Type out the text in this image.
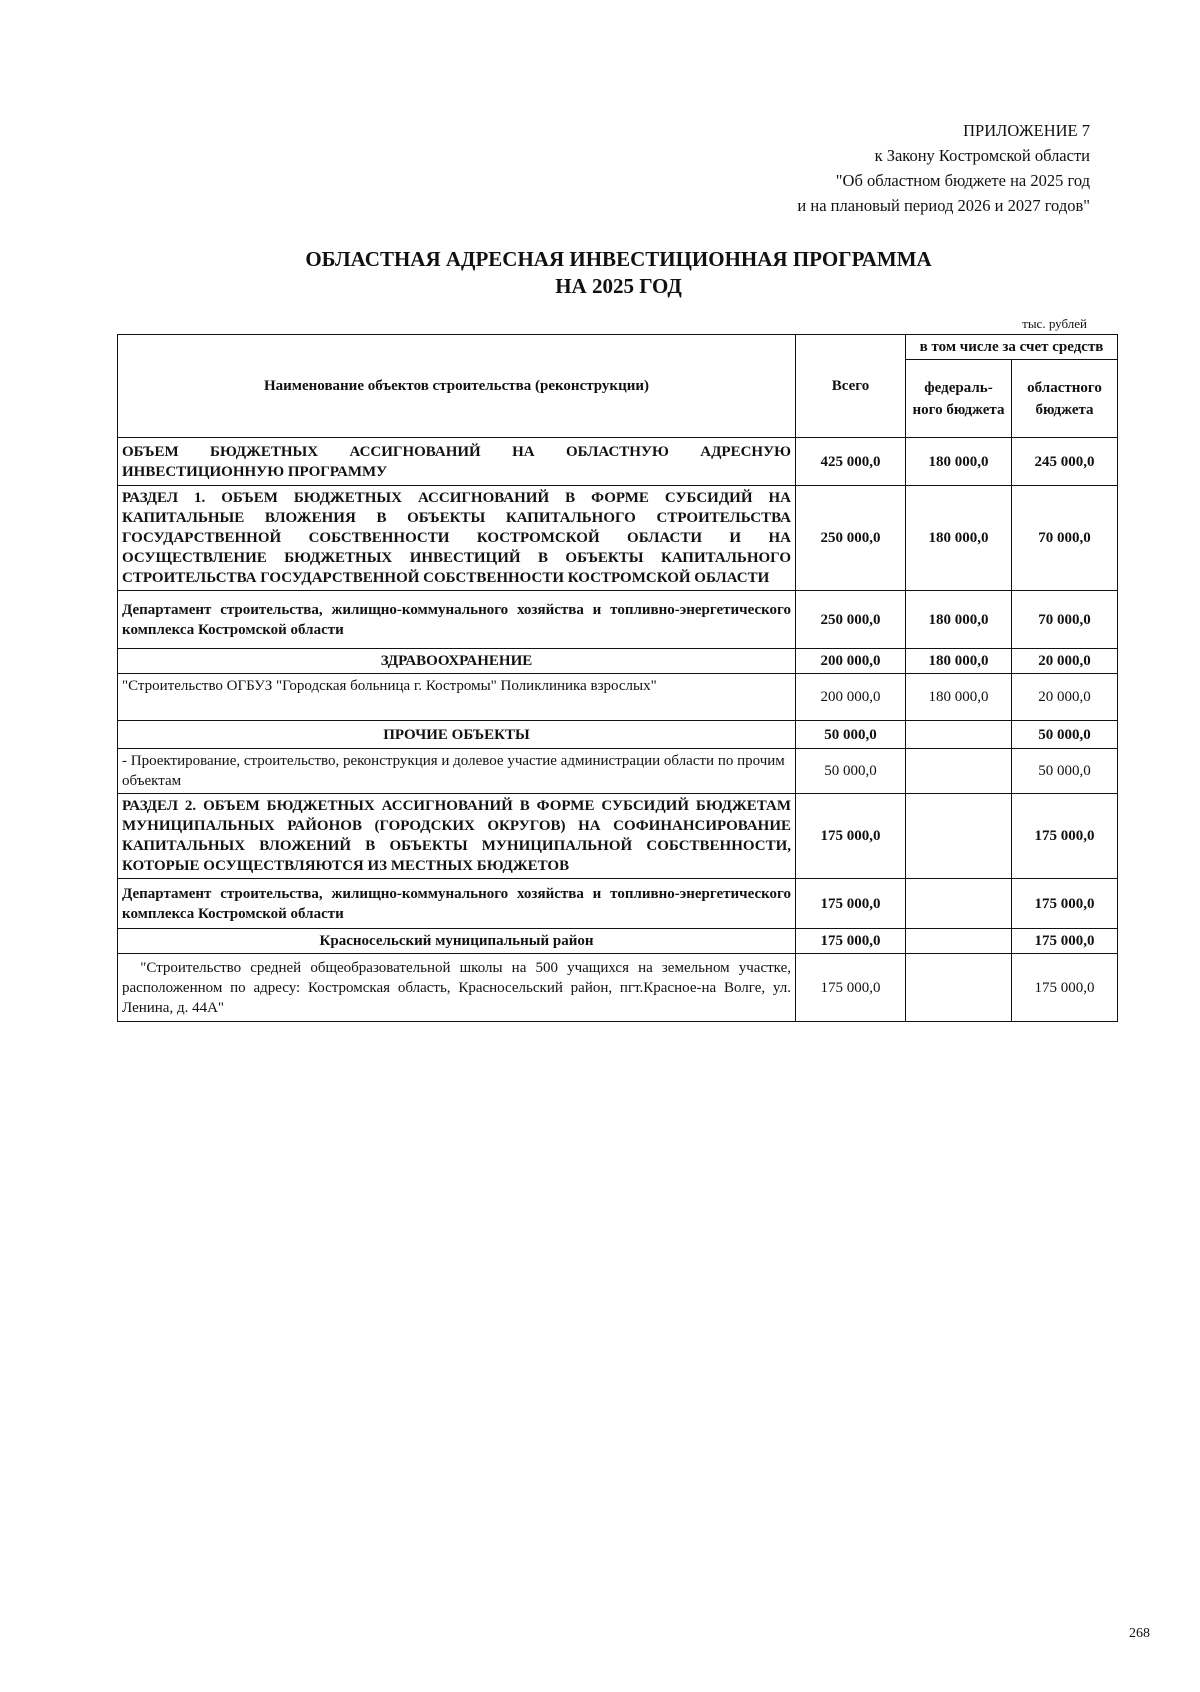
ПРИЛОЖЕНИЕ 7
к Закону Костромской области
"Об областном бюджете на 2025 год
и на плановый период 2026 и 2027 годов"
ОБЛАСТНАЯ АДРЕСНАЯ ИНВЕСТИЦИОННАЯ ПРОГРАММА
НА 2025 ГОД
тыс. рублей
Наименование объектов строительства (реконструкции)	Всего	в том числе за счет средств	
		федераль-ного бюджета	областного бюджета
ОБЪЕМ БЮДЖЕТНЫХ АССИГНОВАНИЙ НА ОБЛАСТНУЮ АДРЕСНУЮ ИНВЕСТИЦИОННУЮ ПРОГРАММУ	425 000,0	180 000,0	245 000,0
РАЗДЕЛ 1. ОБЪЕМ БЮДЖЕТНЫХ АССИГНОВАНИЙ В ФОРМЕ СУБСИДИЙ НА КАПИТАЛЬНЫЕ ВЛОЖЕНИЯ В ОБЪЕКТЫ КАПИТАЛЬНОГО СТРОИТЕЛЬСТВА ГОСУДАРСТВЕННОЙ СОБСТВЕННОСТИ КОСТРОМСКОЙ ОБЛАСТИ И НА ОСУЩЕСТВЛЕНИЕ БЮДЖЕТНЫХ ИНВЕСТИЦИЙ В ОБЪЕКТЫ КАПИТАЛЬНОГО СТРОИТЕЛЬСТВА ГОСУДАРСТВЕННОЙ СОБСТВЕННОСТИ КОСТРОМСКОЙ ОБЛАСТИ	250 000,0	180 000,0	70 000,0
Департамент строительства, жилищно-коммунального хозяйства и топливно-энергетического комплекса Костромской области	250 000,0	180 000,0	70 000,0
ЗДРАВООХРАНЕНИЕ	200 000,0	180 000,0	20 000,0
"Строительство ОГБУЗ "Городская больница г. Костромы" Поликлиника взрослых"	200 000,0	180 000,0	20 000,0
ПРОЧИЕ ОБЪЕКТЫ	50 000,0		50 000,0
- Проектирование, строительство, реконструкция и долевое участие администрации области по прочим объектам	50 000,0		50 000,0
РАЗДЕЛ 2. ОБЪЕМ БЮДЖЕТНЫХ АССИГНОВАНИЙ В ФОРМЕ СУБСИДИЙ БЮДЖЕТАМ МУНИЦИПАЛЬНЫХ РАЙОНОВ (ГОРОДСКИХ ОКРУГОВ) НА СОФИНАНСИРОВАНИЕ КАПИТАЛЬНЫХ ВЛОЖЕНИЙ В ОБЪЕКТЫ МУНИЦИПАЛЬНОЙ СОБСТВЕННОСТИ, КОТОРЫЕ ОСУЩЕСТВЛЯЮТСЯ ИЗ МЕСТНЫХ БЮДЖЕТОВ	175 000,0		175 000,0
Департамент строительства, жилищно-коммунального хозяйства и топливно-энергетического комплекса Костромской области	175 000,0		175 000,0
Красносельский муниципальный район	175 000,0		175 000,0
"Строительство средней общеобразовательной школы на 500 учащихся на земельном участке, расположенном по адресу: Костромская область, Красносельский район, пгт.Красное-на Волге, ул. Ленина, д. 44А"	175 000,0		175 000,0
268
